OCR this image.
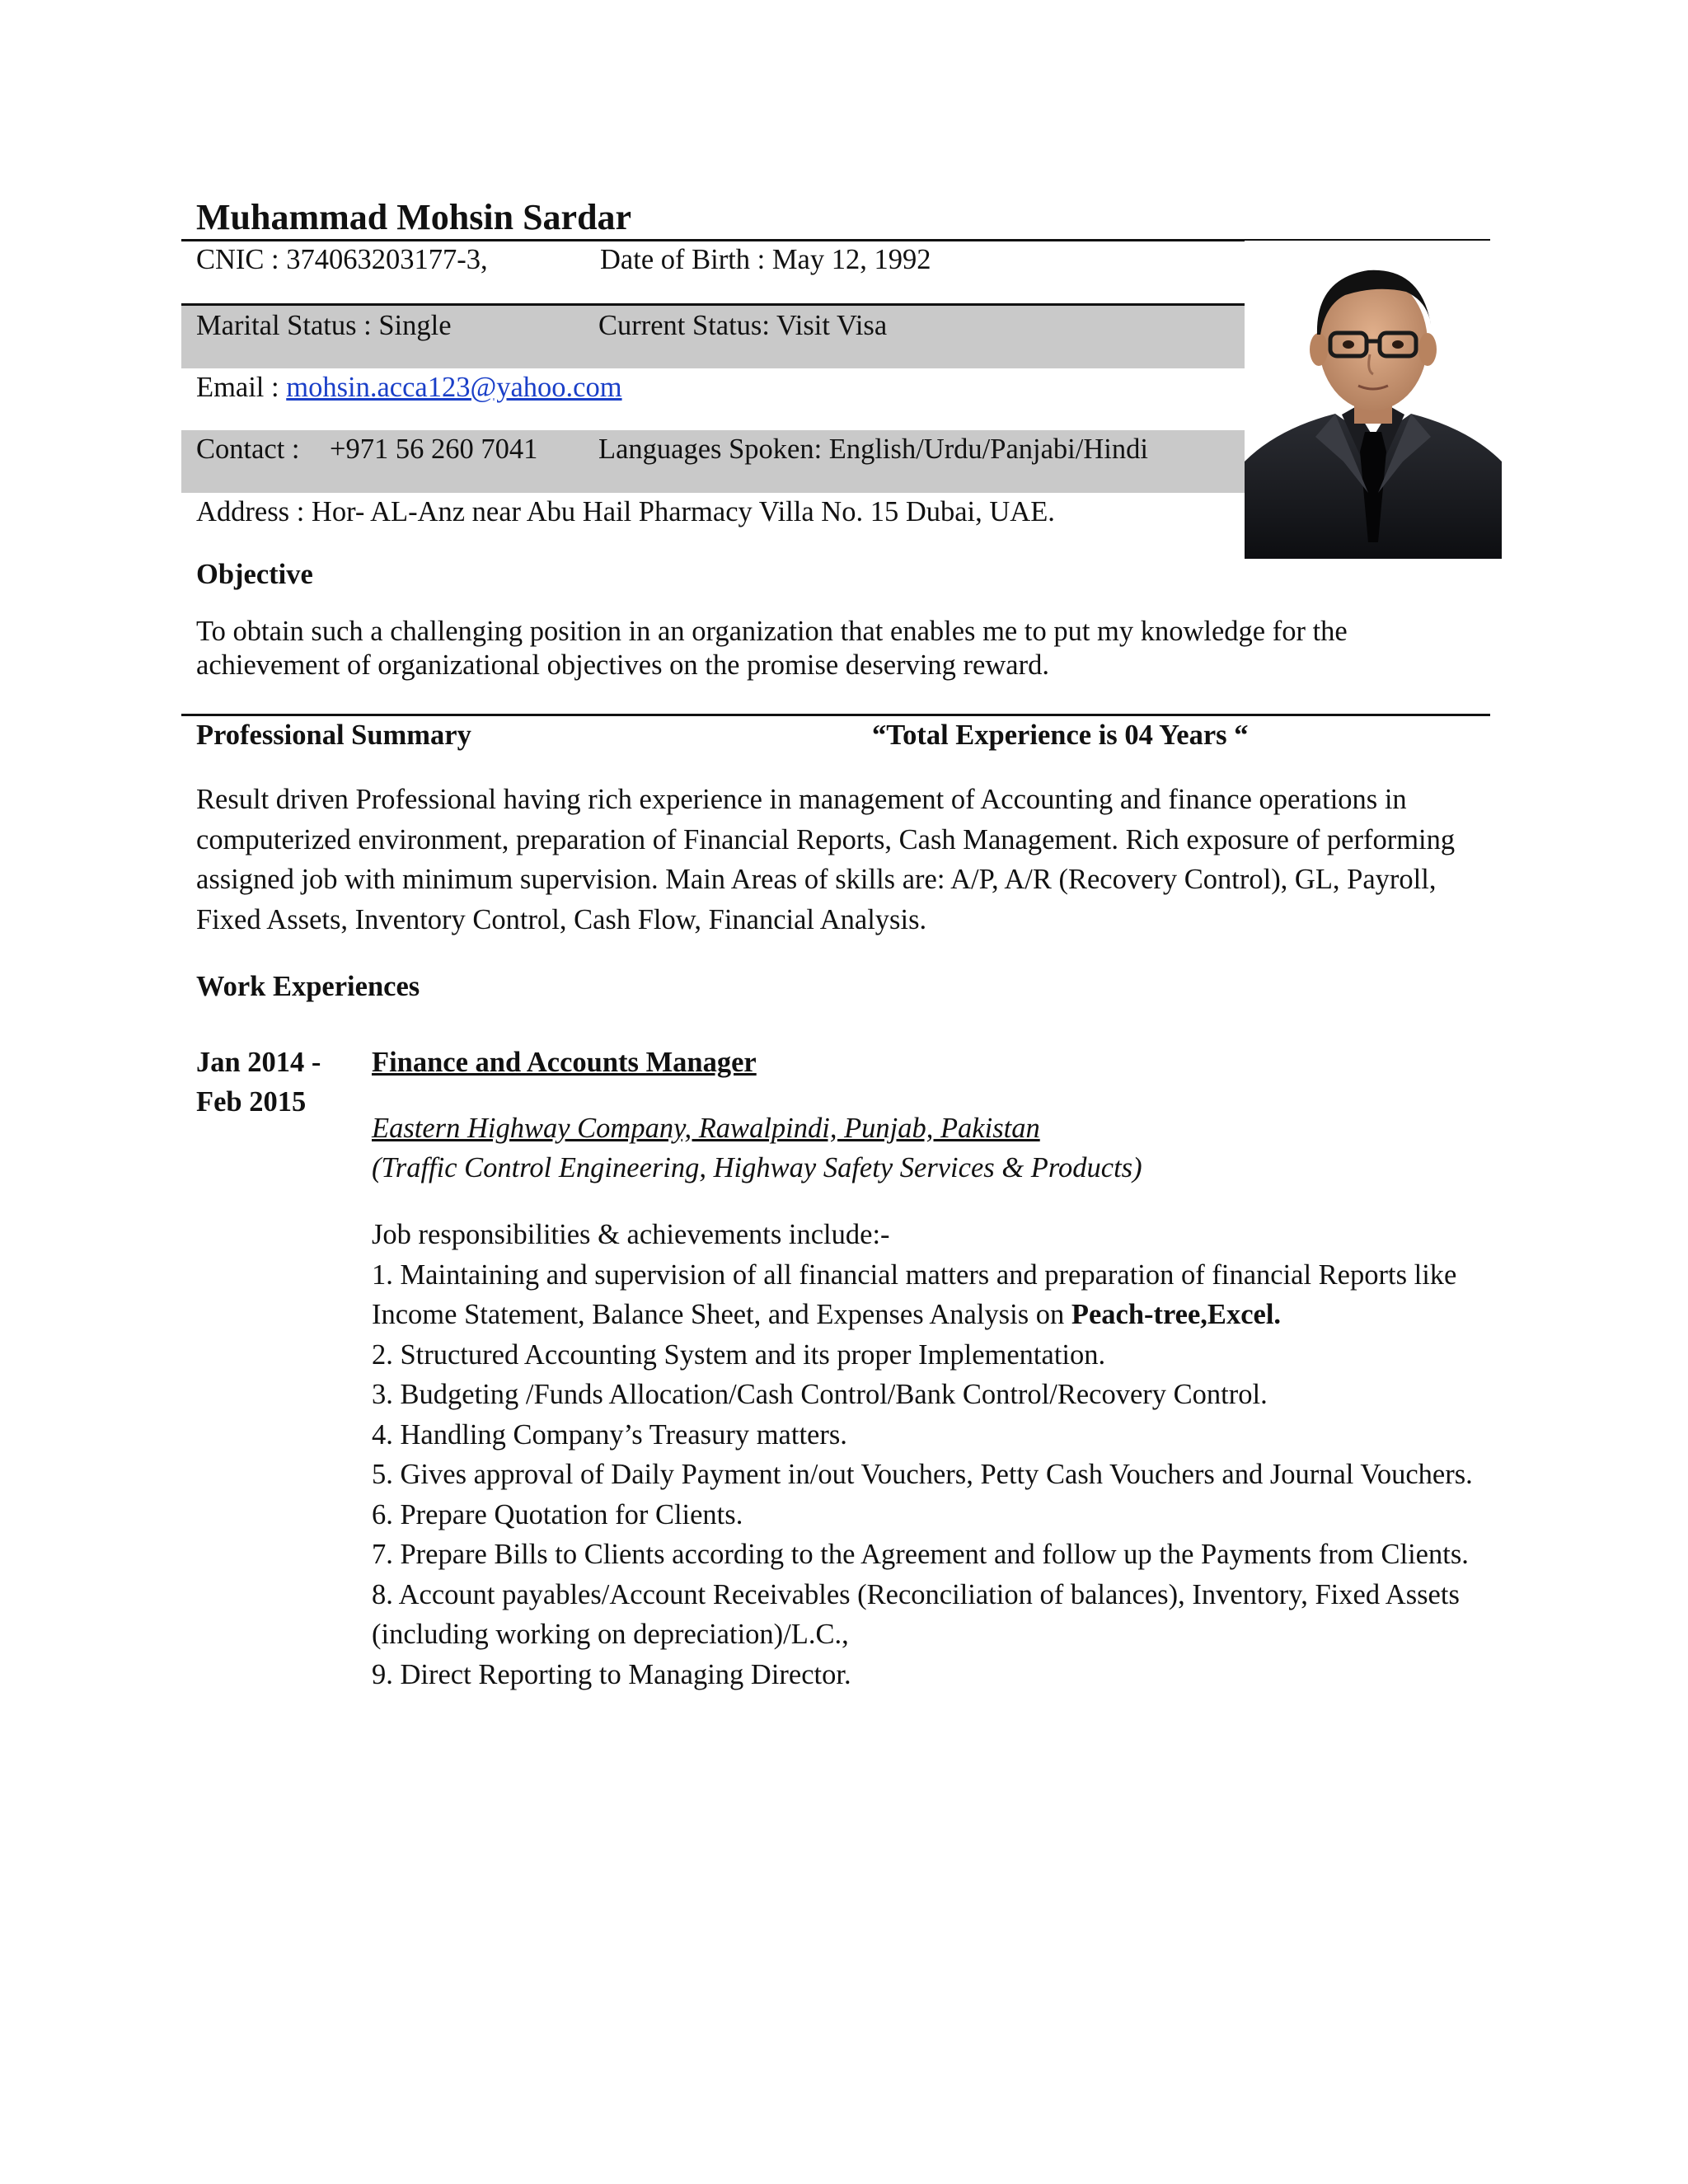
Muhammad Mohsin Sardar
CNIC : 374063203177-3,	Date of Birth : May 12, 1992
Marital Status : Single	Current Status: Visit Visa
Email : mohsin.acca123@yahoo.com
Contact : +971 56 260 7041 Languages Spoken: English/Urdu/Panjabi/Hindi
Address : Hor- AL-Anz near Abu Hail Pharmacy Villa No. 15 Dubai, UAE.
Objective
To obtain such a challenging position in an organization that enables me to put my knowledge for the achievement of organizational objectives on the promise deserving reward.
Professional Summary	“Total Experience is 04 Years “
Result driven Professional having rich experience in management of Accounting and finance operations in computerized environment, preparation of Financial Reports, Cash Management. Rich exposure of performing assigned job with minimum supervision. Main Areas of skills are: A/P, A/R (Recovery Control), GL, Payroll, Fixed Assets, Inventory Control, Cash Flow, Financial Analysis.
Work Experiences
Jan 2014 -
Feb 2015
Finance and Accounts Manager
Eastern Highway Company, Rawalpindi, Punjab, Pakistan
(Traffic Control Engineering, Highway Safety Services & Products)
Job responsibilities & achievements include:-
1. Maintaining and supervision of all financial matters and preparation of financial Reports like Income Statement, Balance Sheet, and Expenses Analysis on Peach-tree,Excel.
2. Structured Accounting System and its proper Implementation.
3. Budgeting /Funds Allocation/Cash Control/Bank Control/Recovery Control.
4. Handling Company’s Treasury matters.
5. Gives approval of Daily Payment in/out Vouchers, Petty Cash Vouchers and Journal Vouchers.
6. Prepare Quotation for Clients.
7. Prepare Bills to Clients according to the Agreement and follow up the Payments from Clients.
8. Account payables/Account Receivables (Reconciliation of balances), Inventory, Fixed Assets (including working on depreciation)/L.C.,
9. Direct Reporting to Managing Director.
